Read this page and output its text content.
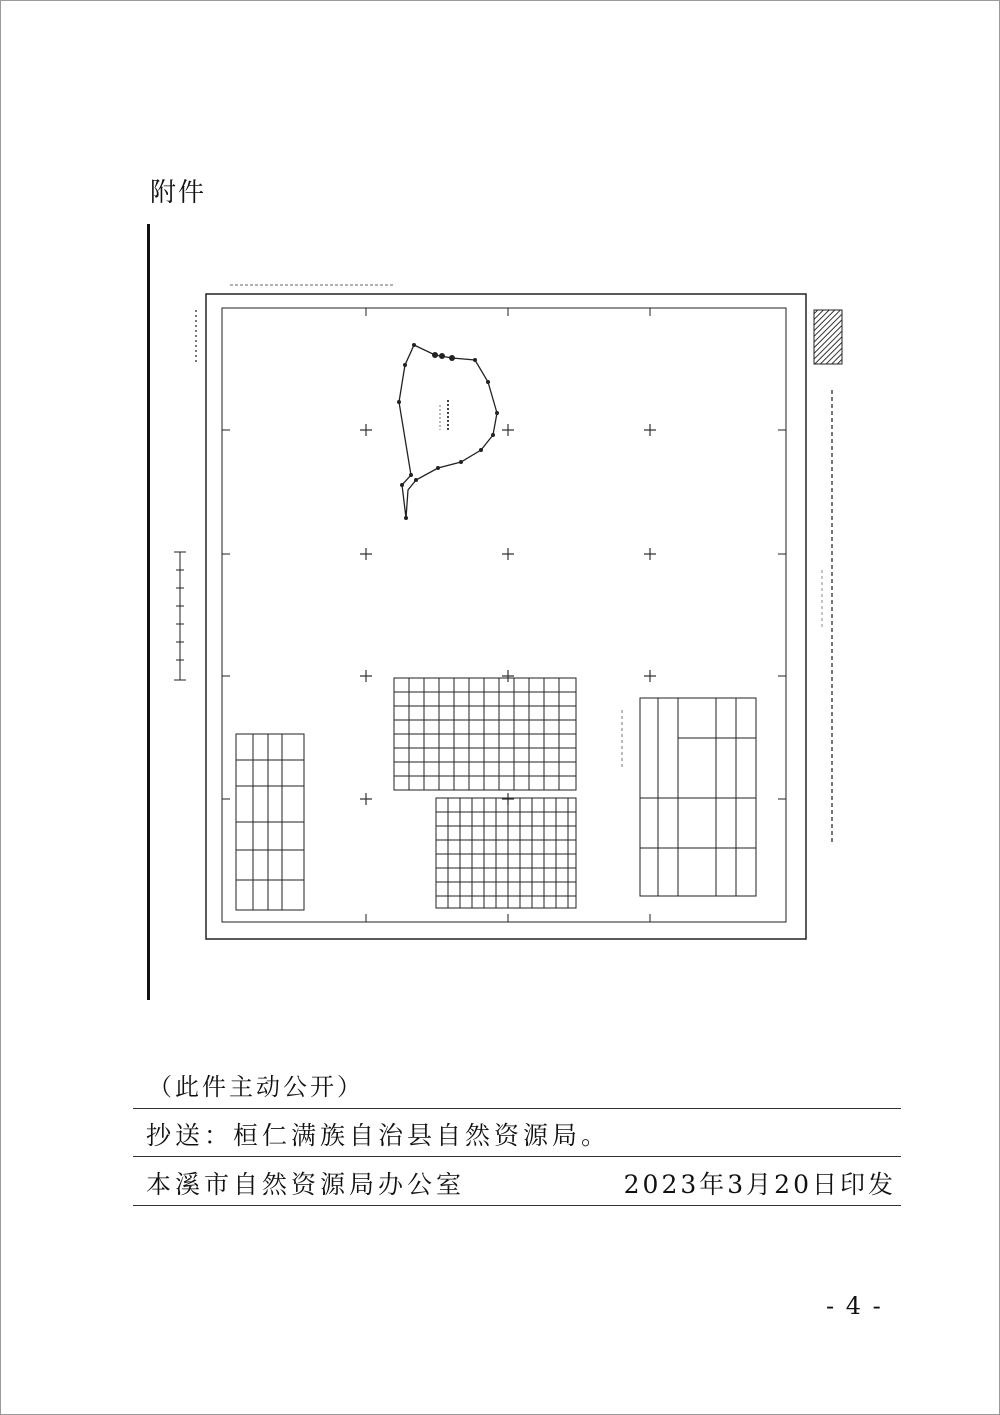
附件
（此件主动公开）
抄送：桓仁满族自治县自然资源局。
本溪市自然资源局办公室	2023年3月20日印发
- 4 -
